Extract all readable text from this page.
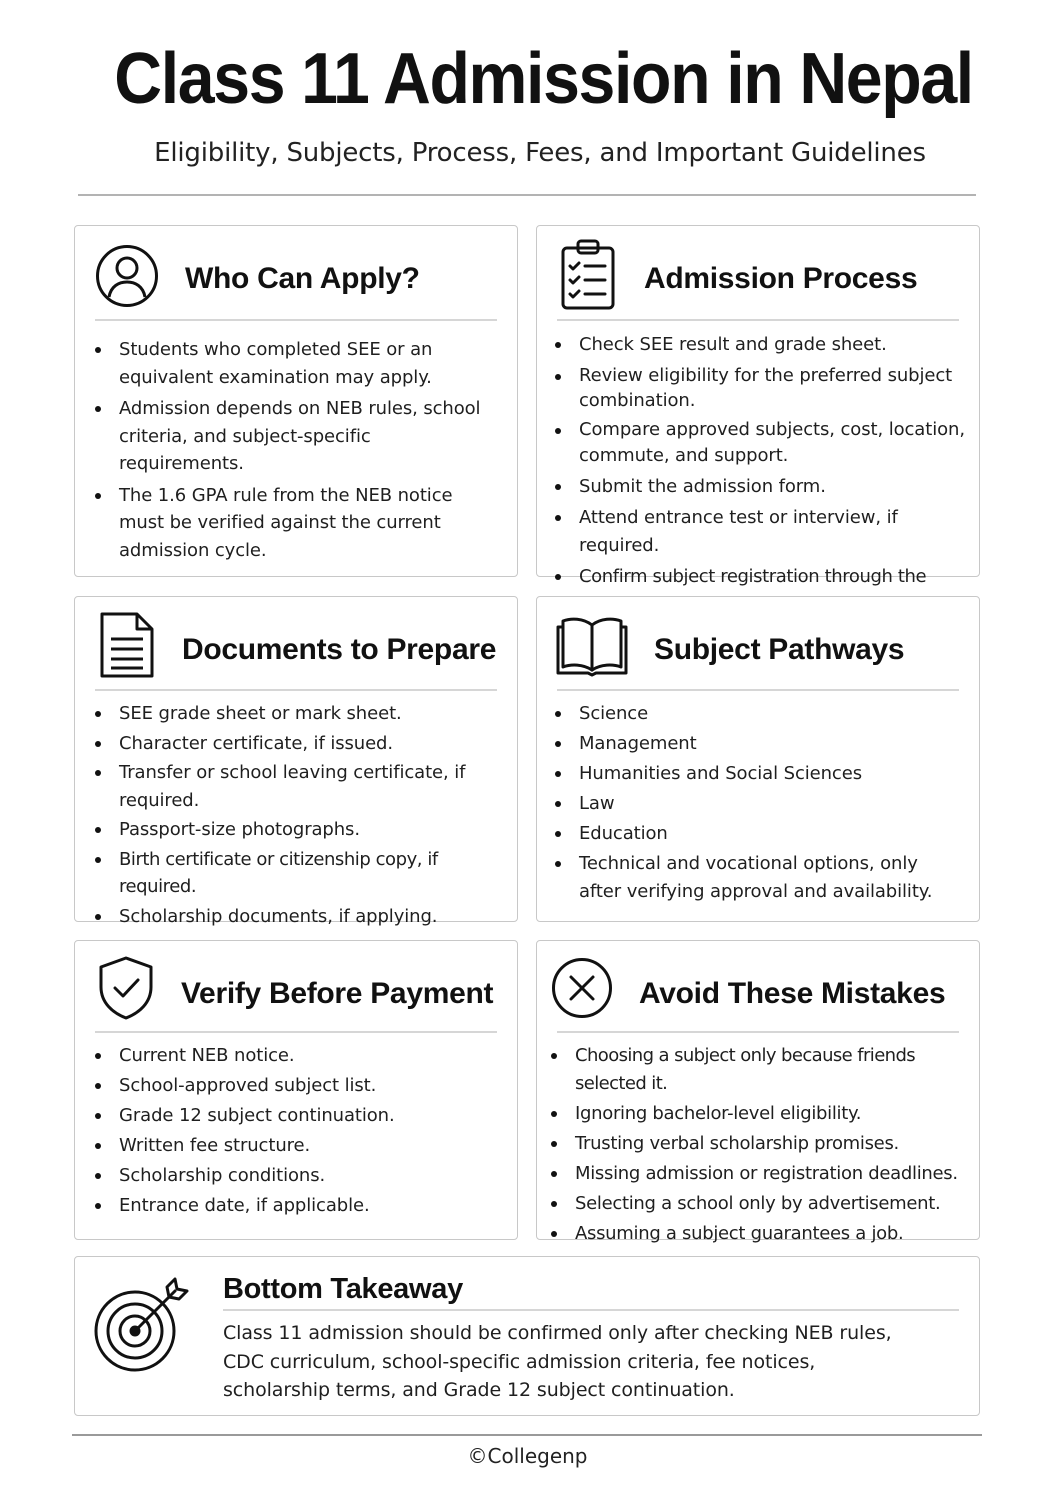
Class 11 Admission in Nepal
Eligibility, Subjects, Process, Fees, and Important Guidelines
Who Can Apply?
Students who completed SEE or an equivalent examination may apply.
Admission depends on NEB rules, school criteria, and subject-specific requirements.
The 1.6 GPA rule from the NEB notice must be verified against the current admission cycle.
Admission Process
Check SEE result and grade sheet.
Review eligibility for the preferred subject combination.
Compare approved subjects, cost, location, commute, and support.
Submit the admission form.
Attend entrance test or interview, if required.
Confirm subject registration through the
Documents to Prepare
SEE grade sheet or mark sheet.
Character certificate, if issued.
Transfer or school leaving certificate, if required.
Passport-size photographs.
Birth certificate or citizenship copy, if required.
Scholarship documents, if applying.
Subject Pathways
Science
Management
Humanities and Social Sciences
Law
Education
Technical and vocational options, only after verifying approval and availability.
Verify Before Payment
Current NEB notice.
School-approved subject list.
Grade 12 subject continuation.
Written fee structure.
Scholarship conditions.
Entrance date, if applicable.
Avoid These Mistakes
Choosing a subject only because friends selected it.
Ignoring bachelor-level eligibility.
Trusting verbal scholarship promises.
Missing admission or registration deadlines.
Selecting a school only by advertisement.
Assuming a subject guarantees a job.
Bottom Takeaway
Class 11 admission should be confirmed only after checking NEB rules, CDC curriculum, school-specific admission criteria, fee notices, scholarship terms, and Grade 12 subject continuation.
©Collegenp
